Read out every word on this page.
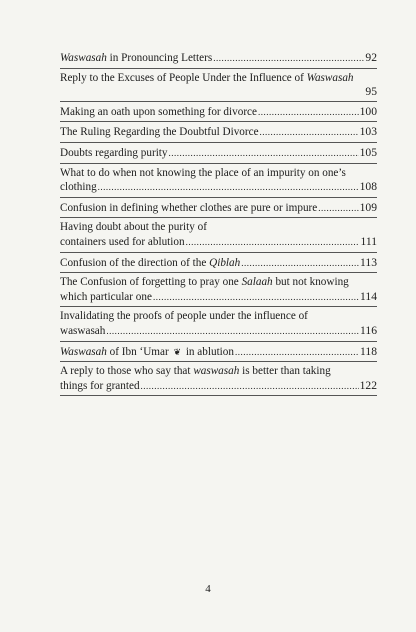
Waswasah in Pronouncing Letters .....	92
Reply to the Excuses of People Under the Influence of Waswasah
95
Making an oath upon something for divorce .....	100
The Ruling Regarding the Doubtful Divorce .....	103
Doubts regarding purity .....	105
What to do when not knowing the place of an impurity on one’s
clothing .....	108
Confusion in defining whether clothes are pure or impure .....	109
Having doubt about the purity of
containers used for ablution .....	111
Confusion of the direction of the Qiblah .....	113
The Confusion of forgetting to pray one Salaah but not knowing
which particular one .....	114
Invalidating the proofs of people under the influence of
waswasah .....	116
Waswasah of Ibn ‘Umar ❦ in ablution .....	118
A reply to those who say that waswasah is better than taking
things for granted .....	122
4
